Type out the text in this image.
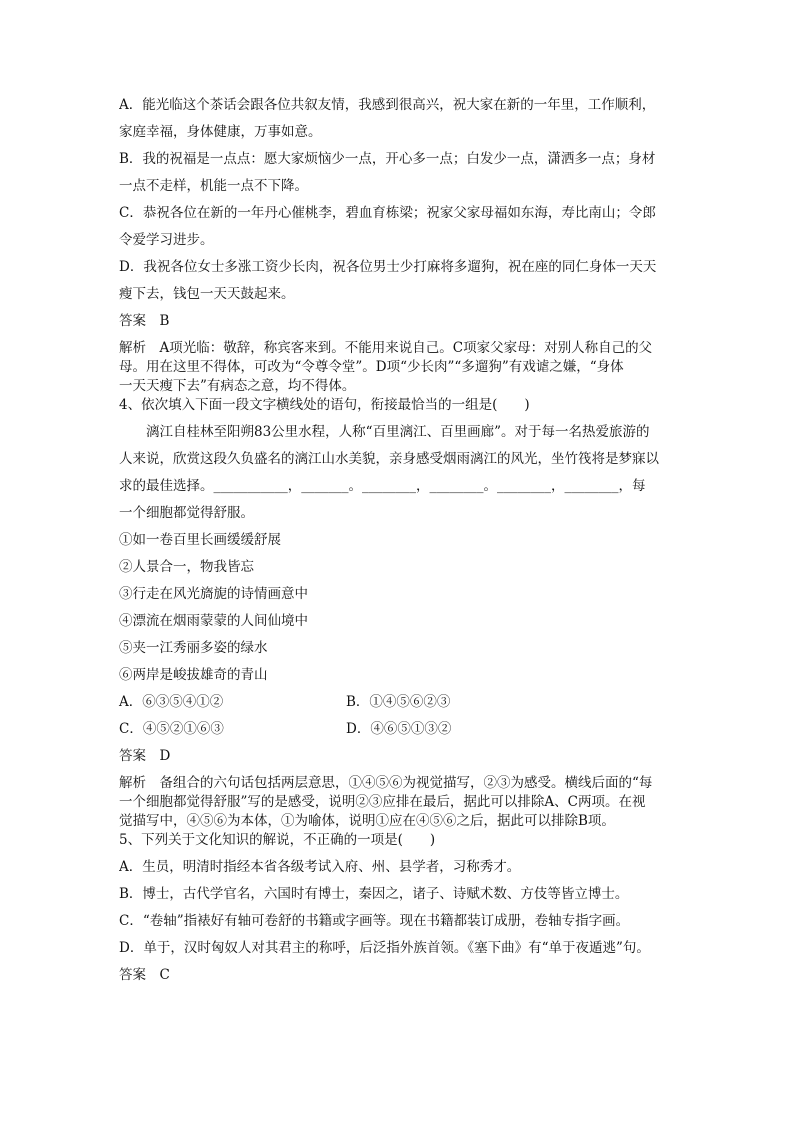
A．能光临这个茶话会跟各位共叙友情，我感到很高兴，祝大家在新的一年里，工作顺利，
家庭幸福，身体健康，万事如意。
B．我的祝福是一点点：愿大家烦恼少一点，开心多一点；白发少一点，潇洒多一点；身材
一点不走样，机能一点不下降。
C．恭祝各位在新的一年丹心催桃李，碧血育栋梁；祝家父家母福如东海，寿比南山；令郎
令爱学习进步。
D．我祝各位女士多涨工资少长肉，祝各位男士少打麻将多遛狗，祝在座的同仁身体一天天
瘦下去，钱包一天天鼓起来。
答案　B
解析　A项光临：敬辞，称宾客来到。不能用来说自己。C项家父家母：对别人称自己的父
母。用在这里不得体，可改为“令尊令堂”。D项“少长肉”“多遛狗”有戏谑之嫌，“身体
一天天瘦下去”有病态之意，均不得体。
4、依次填入下面一段文字横线处的语句，衔接最恰当的一组是(　　)
漓江自桂林至阳朔83公里水程，人称“百里漓江、百里画廊”。对于每一名热爱旅游的
人来说，欣赏这段久负盛名的漓江山水美貌，亲身感受烟雨漓江的风光，坐竹筏将是梦寐以
求的最佳选择。___________，_______。________，________。________，________，每
一个细胞都觉得舒服。
①如一卷百里长画缓缓舒展
②人景合一，物我皆忘
③行走在风光旖旎的诗情画意中
④漂流在烟雨蒙蒙的人间仙境中
⑤夹一江秀丽多姿的绿水
⑥两岸是峻拔雄奇的青山
A．⑥③⑤④①②	B．①④⑤⑥②③
C．④⑤②①⑥③	D．④⑥⑤①③②
答案　D
解析　备组合的六句话包括两层意思，①④⑤⑥为视觉描写，②③为感受。横线后面的“每
一个细胞都觉得舒服”写的是感受，说明②③应排在最后，据此可以排除A、C两项。在视
觉描写中，④⑤⑥为本体，①为喻体，说明①应在④⑤⑥之后，据此可以排除B项。
5、下列关于文化知识的解说，不正确的一项是(　　)
A．生员，明清时指经本省各级考试入府、州、县学者，习称秀才。
B．博士，古代学官名，六国时有博士，秦因之，诸子、诗赋术数、方伎等皆立博士。
C．“卷轴”指裱好有轴可卷舒的书籍或字画等。现在书籍都装订成册，卷轴专指字画。
D．单于，汉时匈奴人对其君主的称呼，后泛指外族首领。《塞下曲》有“单于夜遁逃”句。
答案　C
